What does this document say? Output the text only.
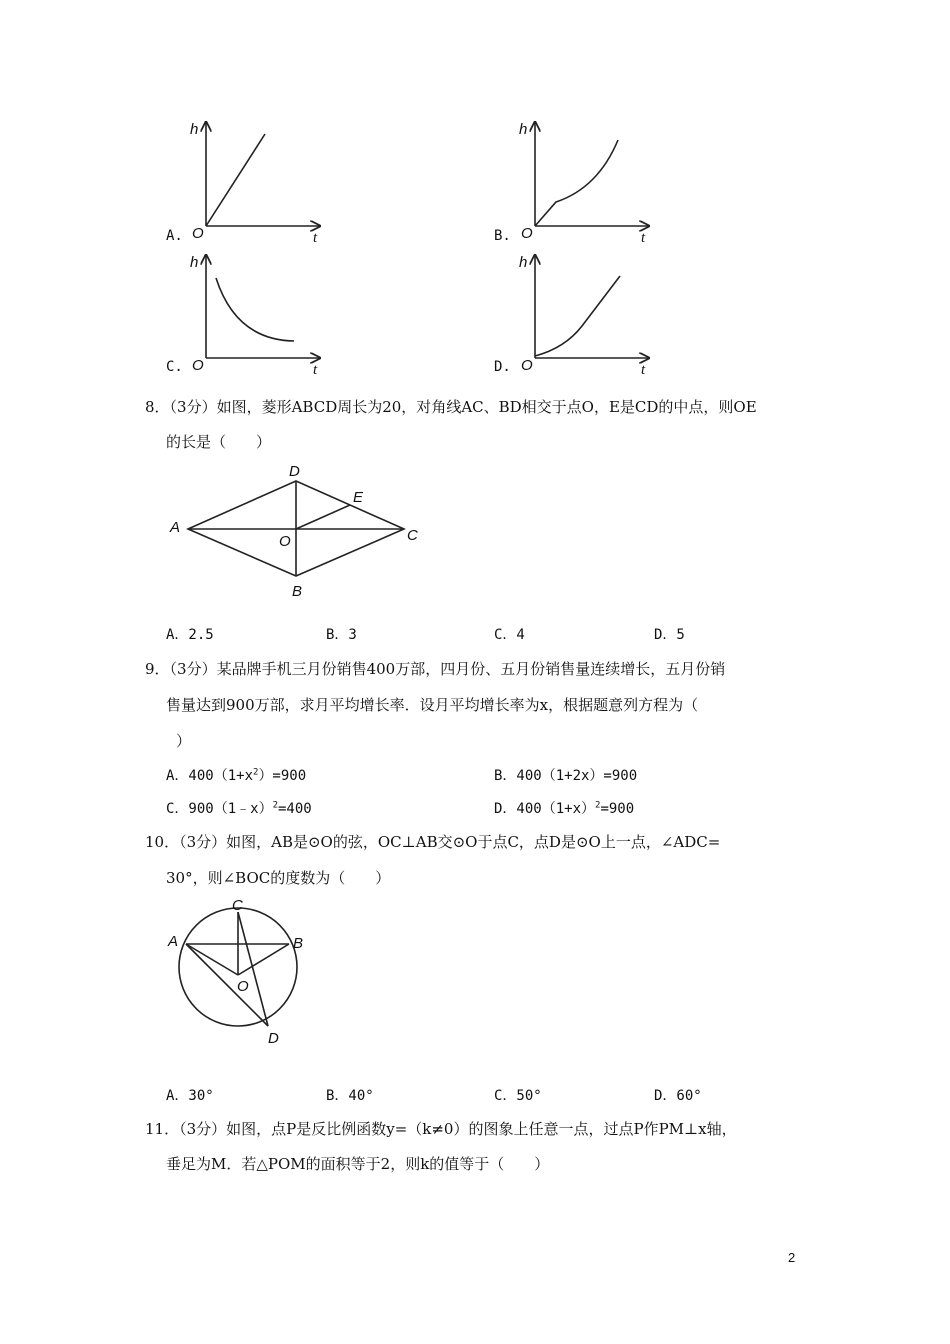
h
t
O
h
t
O
h
t
O
h
t
O
A.	B.
C.	D.
8．（3分）如图，菱形ABCD周长为20，对角线AC、BD相交于点O，E是CD的中点，则OE
的长是（　　）
D
E
A
O	C
B
A．2.5	B．3	C．4	D．5
9．（3分）某品牌手机三月份销售400万部，四月份、五月份销售量连续增长，五月份销
售量达到900万部，求月平均增长率．设月平均增长率为x，根据题意列方程为（
）
A．$400(1+x^2)=900$	B．400（1+2x）=900
C．900（1﹣x）$^2$=400	D．$400(1+x)^2=900$
10．（3分）如图，AB是⊙O的弦，OC⊥AB交⊙O于点C，点D是⊙O上一点，∠ADC=
30°，则∠BOC的度数为（　　）
C
A	B
O
D
A．30°	B．40°	C．50°	D．60°
11．（3分）如图，点P是反比例函数y=（k≠0）的图象上任意一点，过点P作PM⊥x轴，
垂足为M．若△POM的面积等于2，则k的值等于（　　）
2
